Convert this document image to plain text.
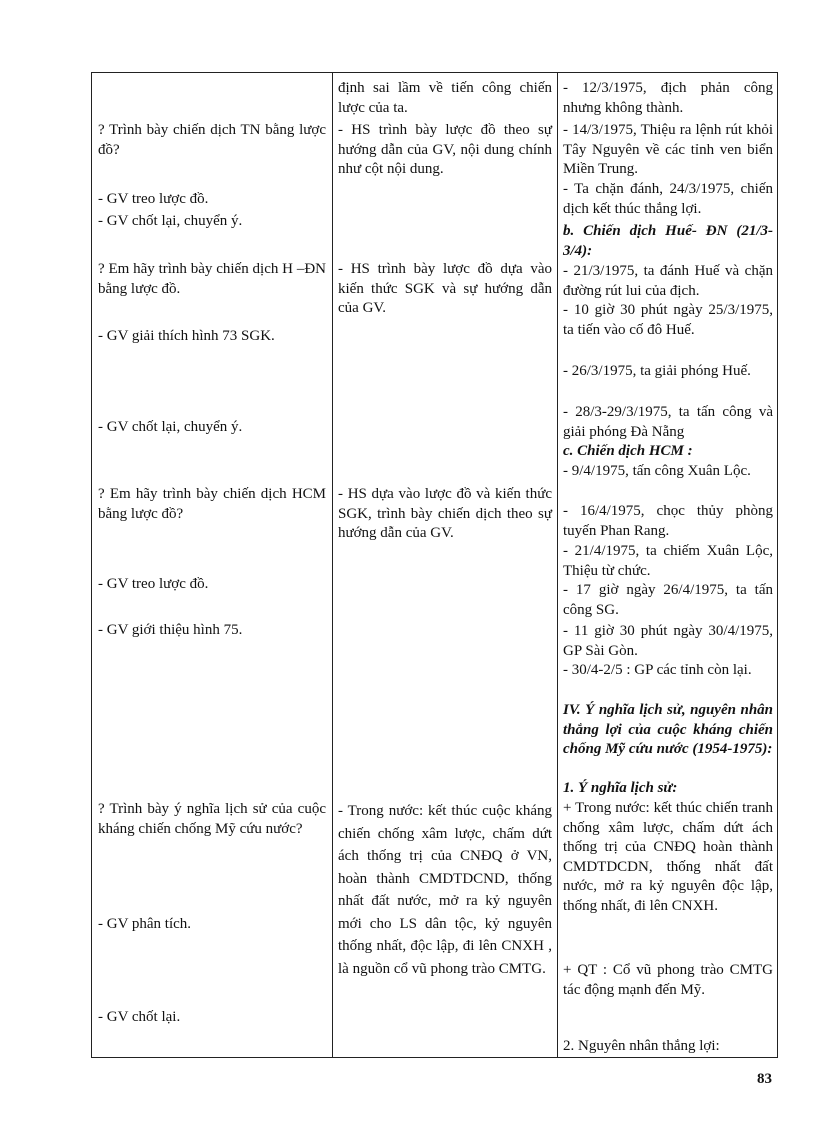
? Trình bày chiến dịch TN bằng lược đồ?
- GV treo lược đồ.
- GV chốt lại, chuyển ý.
? Em hãy trình bày chiến dịch H –ĐN bằng lược đồ.
- GV giải thích hình 73 SGK.
- GV chốt lại, chuyển ý.
? Em hãy trình bày chiến dịch HCM bằng lược đồ?
- GV treo lược đồ.
- GV giới thiệu hình 75.
? Trình bày ý nghĩa lịch sử của cuộc kháng chiến chống Mỹ cứu nước?
- GV phân tích.
- GV chốt lại.
định sai lầm về tiến công chiến lược của ta.
- HS trình bày lược đồ theo sự hướng dẫn của GV, nội dung chính như cột nội dung.
- HS trình bày lược đồ dựa vào kiến thức SGK và sự hướng dẫn của GV.
- HS dựa vào lược đồ và kiến thức SGK, trình bày chiến dịch theo sự hướng dẫn của GV.
- Trong nước: kết thúc cuộc kháng chiến chống xâm lược, chấm dứt ách thống trị của CNĐQ ở VN, hoàn thành CMDTDCND, thống nhất đất nước, mở ra kỷ nguyên mới cho LS dân tộc, kỷ nguyên thống nhất, độc lập, đi lên CNXH , là nguồn cổ vũ phong trào CMTG.
- 12/3/1975, địch phản công nhưng không thành.
- 14/3/1975, Thiệu ra lệnh rút khỏi Tây Nguyên về các tỉnh ven biển Miền Trung.
- Ta chặn đánh, 24/3/1975, chiến dịch kết thúc thắng lợi.
b. Chiến dịch Huế- ĐN (21/3- 3/4):
- 21/3/1975, ta đánh Huế và chặn đường rút lui của địch.
- 10 giờ 30 phút ngày 25/3/1975, ta tiến vào cố đô Huế.
- 26/3/1975, ta giải phóng Huế.
- 28/3-29/3/1975, ta tấn công và giải phóng Đà Nẵng
c. Chiến dịch HCM :
- 9/4/1975, tấn công Xuân Lộc.
- 16/4/1975, chọc thủy phòng tuyến Phan Rang.
- 21/4/1975, ta chiếm Xuân Lộc, Thiệu từ chức.
- 17 giờ ngày 26/4/1975, ta tấn công SG.
- 11 giờ 30 phút ngày 30/4/1975, GP Sài Gòn.
- 30/4-2/5 : GP các tỉnh còn lại.
IV. Ý nghĩa lịch sử, nguyên nhân thắng lợi của cuộc kháng chiến chống Mỹ cứu nước (1954-1975):
1. Ý nghĩa lịch sử:
+ Trong nước: kết thúc chiến tranh chống xâm lược, chấm dứt ách thống trị của CNĐQ hoàn thành CMDTDCDN, thống nhất đất nước, mở ra kỷ nguyên độc lập, thống nhất, đi lên CNXH.
+ QT : Cổ vũ phong trào CMTG tác động mạnh đến Mỹ.
2. Nguyên nhân thắng lợi:
83
